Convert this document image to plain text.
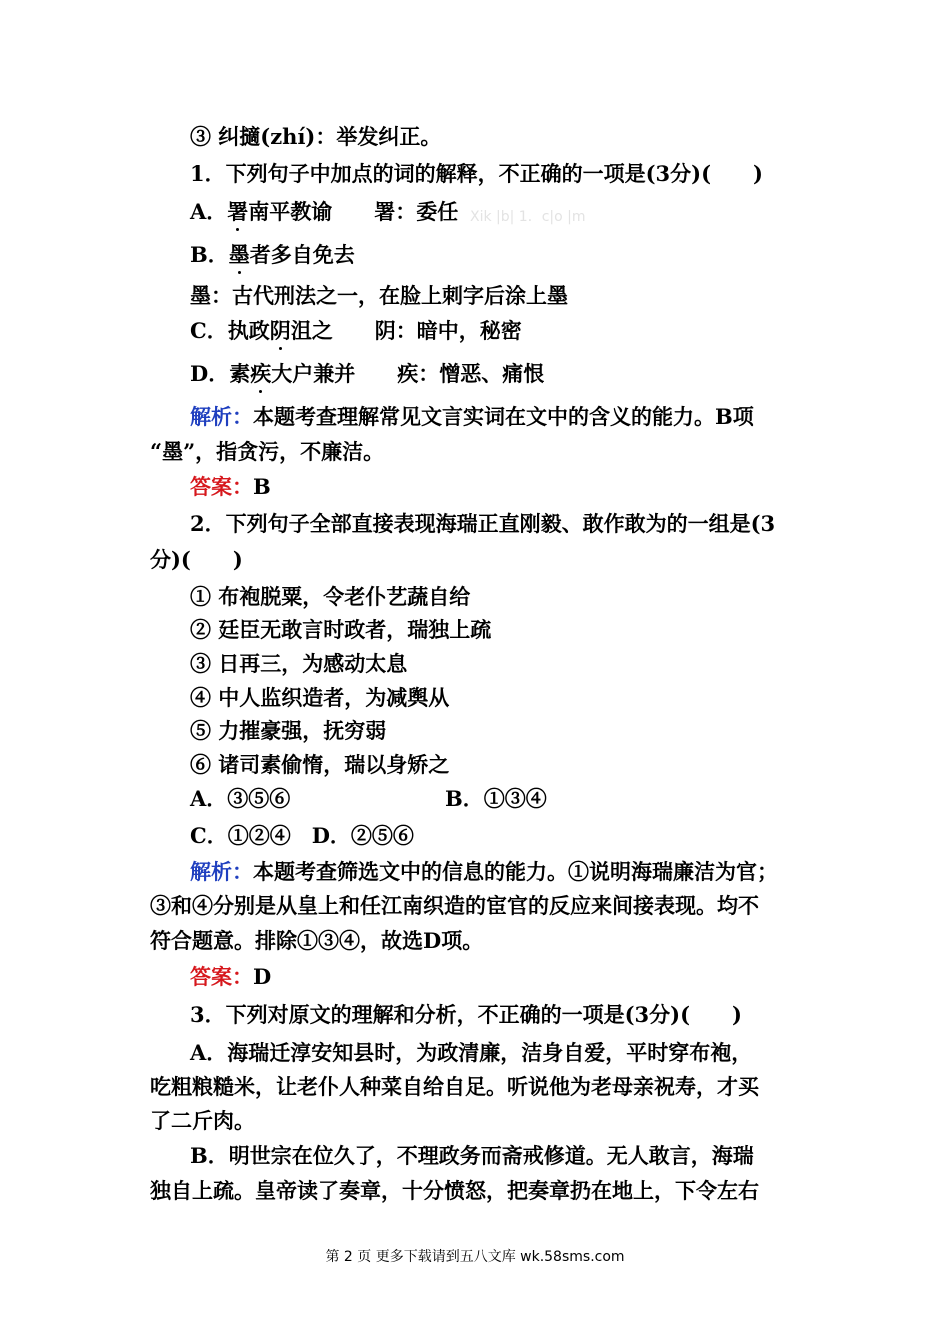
③ 纠擿(zhí)：举发纠正。
1．下列句子中加点的词的解释，不正确的一项是(3分)(　　)
A．署南平教谕　　署：委任 Xik |b| 1．c|o |m
B．墨者多自免去
墨：古代刑法之一，在脸上刺字后涂上墨
C．执政阴沮之　　阴：暗中，秘密
D．素疾大户兼并　　疾：憎恶、痛恨
解析：本题考查理解常见文言实词在文中的含义的能力。B项
“墨”，指贪污，不廉洁。
答案：B
2．下列句子全部直接表现海瑞正直刚毅、敢作敢为的一组是(3
分)(　　)
① 布袍脱粟，令老仆艺蔬自给
② 廷臣无敢言时政者，瑞独上疏
③ 日再三，为感动太息
④ 中人监织造者，为减舆从
⑤ 力摧豪强，抚穷弱
⑥ 诸司素偷惰，瑞以身矫之
A．③⑤⑥	B．①③④
C．①②④　D．②⑤⑥
解析：本题考查筛选文中的信息的能力。①说明海瑞廉洁为官；
③和④分别是从皇上和任江南织造的宦官的反应来间接表现。均不
符合题意。排除①③④，故选D项。
答案：D
3．下列对原文的理解和分析，不正确的一项是(3分)(　　)
A．海瑞迁淳安知县时，为政清廉，洁身自爱，平时穿布袍，
吃粗粮糙米，让老仆人种菜自给自足。听说他为老母亲祝寿，才买
了二斤肉。
B．明世宗在位久了，不理政务而斋戒修道。无人敢言，海瑞
独自上疏。皇帝读了奏章，十分愤怒，把奏章扔在地上，下令左右
第 2 页 更多下载请到五八文库 wk.58sms.com
